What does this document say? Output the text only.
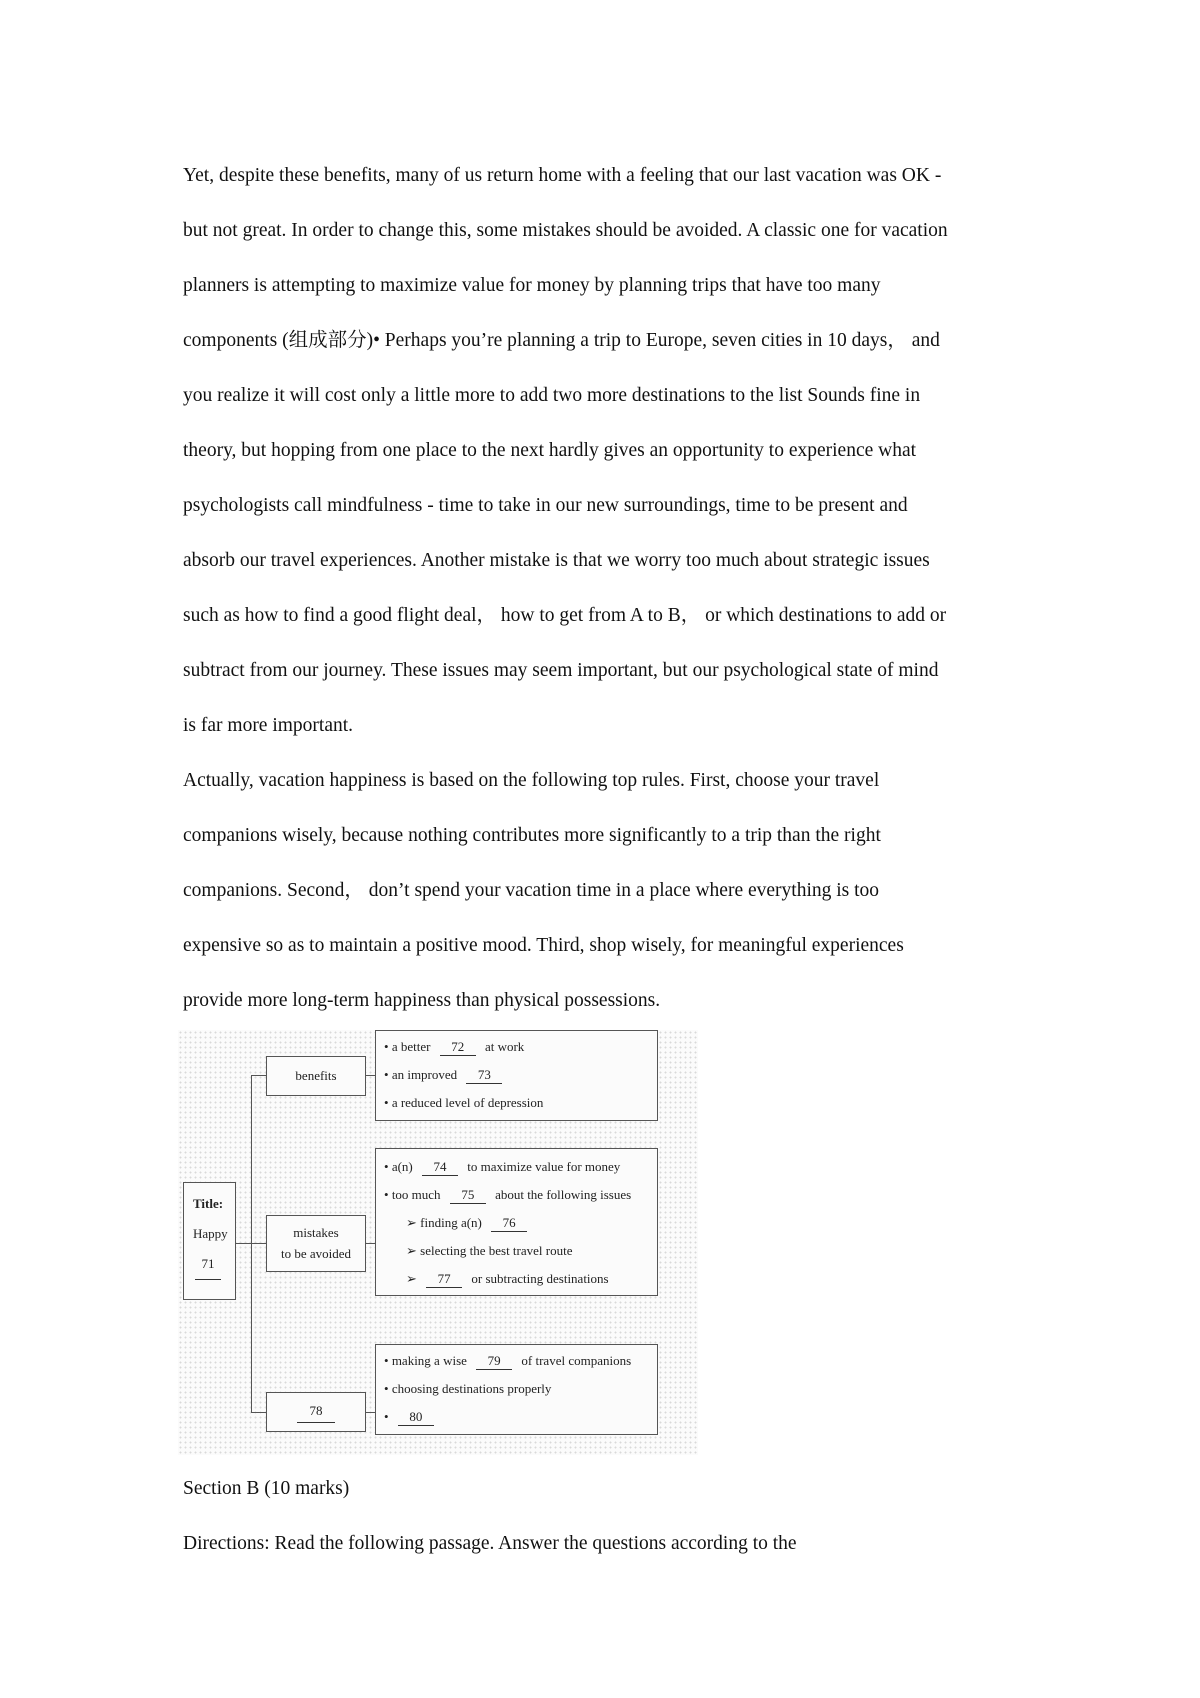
Yet, despite these benefits, many of us return home with a feeling that our last vacation was OK -
but not great. In order to change this, some mistakes should be avoided. A classic one for vacation
planners is attempting to maximize value for money by planning trips that have too many
components (组成部分)• Perhaps you’re planning a trip to Europe, seven cities in 10 days， and
you realize it will cost only a little more to add two more destinations to the list Sounds fine in
theory, but hopping from one place to the next hardly gives an opportunity to experience what
psychologists call mindfulness - time to take in our new surroundings, time to be present and
absorb our travel experiences. Another mistake is that we worry too much about strategic issues
such as how to find a good flight deal， how to get from A to B， or which destinations to add or
subtract from our journey. These issues may seem important, but our psychological state of mind
is far more important.
Actually, vacation happiness is based on the following top rules. First, choose your travel
companions wisely, because nothing contributes more significantly to a trip than the right
companions. Second， don’t spend your vacation time in a place where everything is too
expensive so as to maintain a positive mood. Third, shop wisely, for meaningful experiences
provide more long-term happiness than physical possessions.
Title:
Happy
71
benefits
mistakes
to be avoided
78
• a better 72 at work
• an improved 73
• a reduced level of depression
• a(n) 74 to maximize value for money
• too much 75 about the following issues
➢ finding a(n) 76
➢ selecting the best travel route
➢ 77 or subtracting destinations
• making a wise 79 of travel companions
• choosing destinations properly
• 80
Section B (10 marks)
Directions: Read the following passage. Answer the questions according to the
